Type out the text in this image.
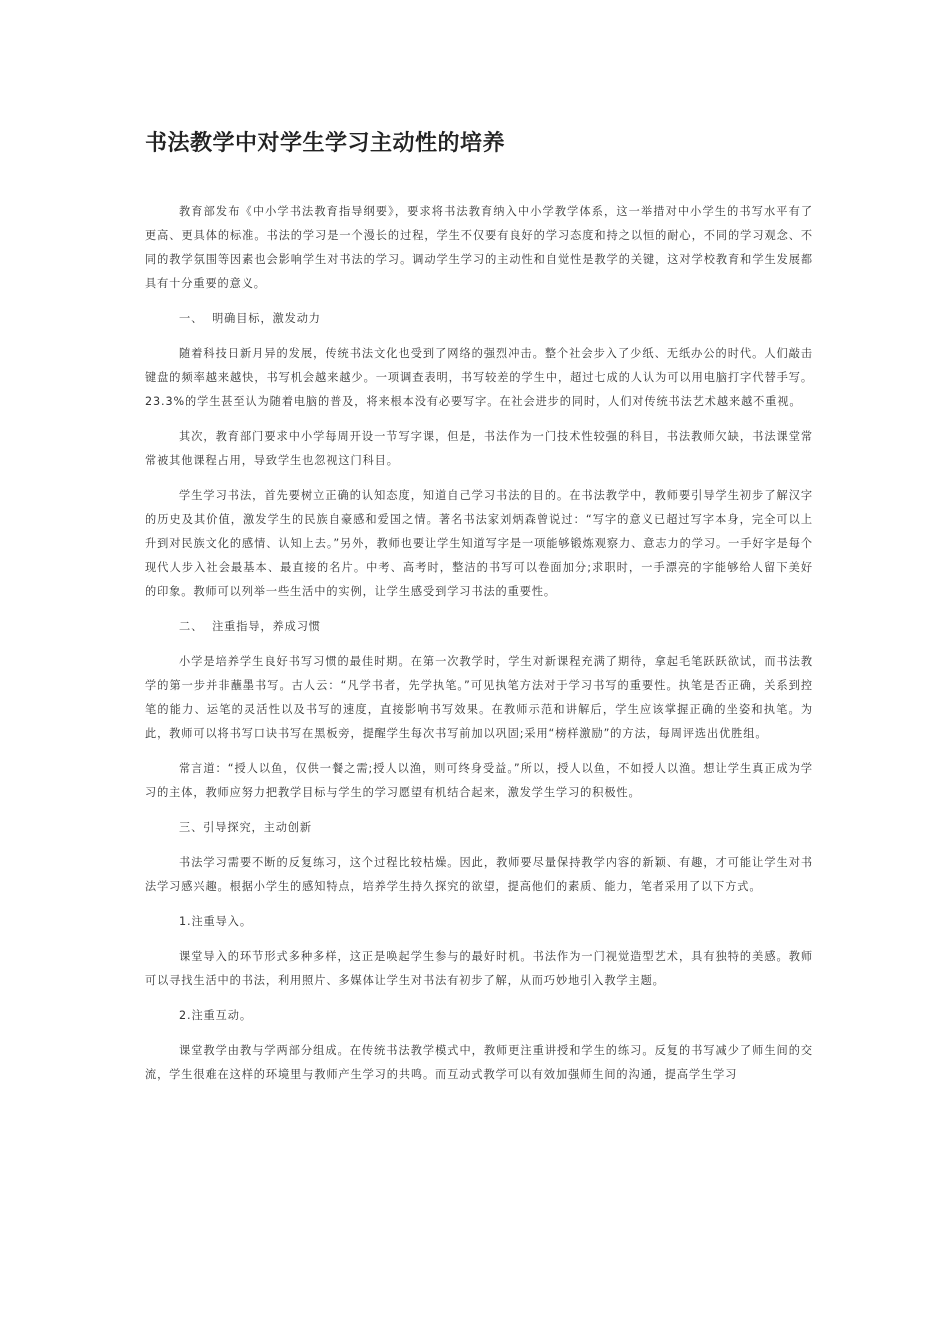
书法教学中对学生学习主动性的培养

教育部发布《中小学书法教育指导纲要》，要求将书法教育纳入中小学教学体系，这一举措对中小学生的书写水平有了更高、更具体的标准。书法的学习是一个漫长的过程，学生不仅要有良好的学习态度和持之以恒的耐心，不同的学习观念、不同的教学氛围等因素也会影响学生对书法的学习。调动学生学习的主动性和自觉性是教学的关键，这对学校教育和学生发展都具有十分重要的意义。

一、  明确目标，激发动力

随着科技日新月异的发展，传统书法文化也受到了网络的强烈冲击。整个社会步入了少纸、无纸办公的时代。人们敲击键盘的频率越来越快，书写机会越来越少。一项调查表明，书写较差的学生中，超过七成的人认为可以用电脑打字代替手写。23.3%的学生甚至认为随着电脑的普及，将来根本没有必要写字。在社会进步的同时，人们对传统书法艺术越来越不重视。

其次，教育部门要求中小学每周开设一节写字课，但是，书法作为一门技术性较强的科目，书法教师欠缺，书法课堂常常被其他课程占用，导致学生也忽视这门科目。

学生学习书法，首先要树立正确的认知态度，知道自己学习书法的目的。在书法教学中，教师要引导学生初步了解汉字的历史及其价值，激发学生的民族自豪感和爱国之情。著名书法家刘炳森曾说过：“写字的意义已超过写字本身，完全可以上升到对民族文化的感情、认知上去。”另外，教师也要让学生知道写字是一项能够锻炼观察力、意志力的学习。一手好字是每个现代人步入社会最基本、最直接的名片。中考、高考时，整洁的书写可以卷面加分;求职时，一手漂亮的字能够给人留下美好的印象。教师可以列举一些生活中的实例，让学生感受到学习书法的重要性。

二、  注重指导，养成习惯

小学是培养学生良好书写习惯的最佳时期。在第一次教学时，学生对新课程充满了期待，拿起毛笔跃跃欲试，而书法教学的第一步并非蘸墨书写。古人云：“凡学书者，先学执笔。”可见执笔方法对于学习书写的重要性。执笔是否正确，关系到控笔的能力、运笔的灵活性以及书写的速度，直接影响书写效果。在教师示范和讲解后，学生应该掌握正确的坐姿和执笔。为此，教师可以将书写口诀书写在黑板旁，提醒学生每次书写前加以巩固;采用“榜样激励”的方法，每周评选出优胜组。

常言道：“授人以鱼，仅供一餐之需;授人以渔，则可终身受益。”所以，授人以鱼，不如授人以渔。想让学生真正成为学习的主体，教师应努力把教学目标与学生的学习愿望有机结合起来，激发学生学习的积极性。

三、引导探究，主动创新

书法学习需要不断的反复练习，这个过程比较枯燥。因此，教师要尽量保持教学内容的新颖、有趣，才可能让学生对书法学习感兴趣。根据小学生的感知特点，培养学生持久探究的欲望，提高他们的素质、能力，笔者采用了以下方式。

1.注重导入。

课堂导入的环节形式多种多样，这正是唤起学生参与的最好时机。书法作为一门视觉造型艺术，具有独特的美感。教师可以寻找生活中的书法，利用照片、多媒体让学生对书法有初步了解，从而巧妙地引入教学主题。

2.注重互动。

课堂教学由教与学两部分组成。在传统书法教学模式中，教师更注重讲授和学生的练习。反复的书写减少了师生间的交流，学生很难在这样的环境里与教师产生学习的共鸣。而互动式教学可以有效加强师生间的沟通，提高学生学习
